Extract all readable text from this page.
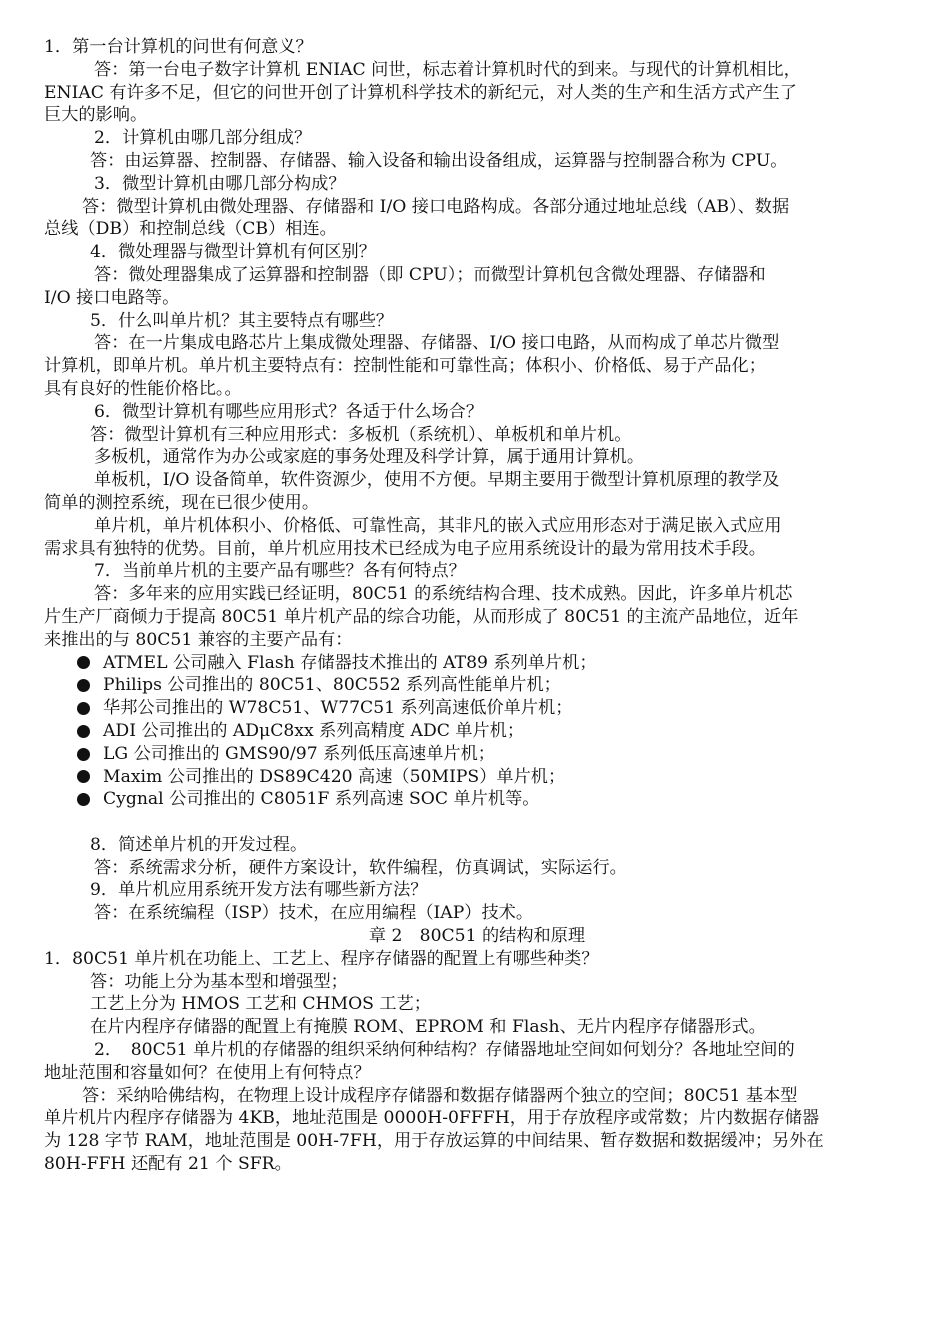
1．第一台计算机的问世有何意义？
答：第一台电子数字计算机 ENIAC 问世，标志着计算机时代的到来。与现代的计算机相比，
ENIAC 有许多不足，但它的问世开创了计算机科学技术的新纪元，对人类的生产和生活方式产生了
巨大的影响。
2．计算机由哪几部分组成？
答：由运算器、控制器、存储器、输入设备和输出设备组成，运算器与控制器合称为 CPU。
3．微型计算机由哪几部分构成？
答：微型计算机由微处理器、存储器和 I/O 接口电路构成。各部分通过地址总线（AB）、数据
总线（DB）和控制总线（CB）相连。
4．微处理器与微型计算机有何区别？
答：微处理器集成了运算器和控制器（即 CPU）；而微型计算机包含微处理器、存储器和
I/O 接口电路等。
5．什么叫单片机？其主要特点有哪些？
答：在一片集成电路芯片上集成微处理器、存储器、I/O 接口电路，从而构成了单芯片微型
计算机，即单片机。单片机主要特点有：控制性能和可靠性高；体积小、价格低、易于产品化；
具有良好的性能价格比。。
6．微型计算机有哪些应用形式？各适于什么场合？
答：微型计算机有三种应用形式：多板机（系统机）、单板机和单片机。
多板机，通常作为办公或家庭的事务处理及科学计算，属于通用计算机。
单板机，I/O 设备简单，软件资源少，使用不方便。早期主要用于微型计算机原理的教学及
简单的测控系统，现在已很少使用。
单片机，单片机体积小、价格低、可靠性高，其非凡的嵌入式应用形态对于满足嵌入式应用
需求具有独特的优势。目前，单片机应用技术已经成为电子应用系统设计的最为常用技术手段。
7．当前单片机的主要产品有哪些？各有何特点？
答：多年来的应用实践已经证明，80C51 的系统结构合理、技术成熟。因此，许多单片机芯
片生产厂商倾力于提高 80C51 单片机产品的综合功能，从而形成了 80C51 的主流产品地位，近年
来推出的与 80C51 兼容的主要产品有：
ATMEL 公司融入 Flash 存储器技术推出的 AT89 系列单片机；
Philips 公司推出的 80C51、80C552 系列高性能单片机；
华邦公司推出的 W78C51、W77C51 系列高速低价单片机；
ADI 公司推出的 ADμC8xx 系列高精度 ADC 单片机；
LG 公司推出的 GMS90/97 系列低压高速单片机；
Maxim 公司推出的 DS89C420 高速（50MIPS）单片机；
Cygnal 公司推出的 C8051F 系列高速 SOC 单片机等。
8．简述单片机的开发过程。
答：系统需求分析，硬件方案设计，软件编程，仿真调试，实际运行。
9．单片机应用系统开发方法有哪些新方法？
答：在系统编程（ISP）技术，在应用编程（IAP）技术。
章 2　80C51 的结构和原理
1．80C51 单片机在功能上、工艺上、程序存储器的配置上有哪些种类？
答：功能上分为基本型和增强型；
工艺上分为 HMOS 工艺和 CHMOS 工艺；
在片内程序存储器的配置上有掩膜 ROM、EPROM 和 Flash、无片内程序存储器形式。
2．　80C51 单片机的存储器的组织采纳何种结构？存储器地址空间如何划分？各地址空间的
地址范围和容量如何？在使用上有何特点？
答：采纳哈佛结构，在物理上设计成程序存储器和数据存储器两个独立的空间；80C51 基本型
单片机片内程序存储器为 4KB，地址范围是 0000H-0FFFH，用于存放程序或常数；片内数据存储器
为 128 字节 RAM，地址范围是 00H-7FH，用于存放运算的中间结果、暂存数据和数据缓冲；另外在
80H-FFH 还配有 21 个 SFR。
